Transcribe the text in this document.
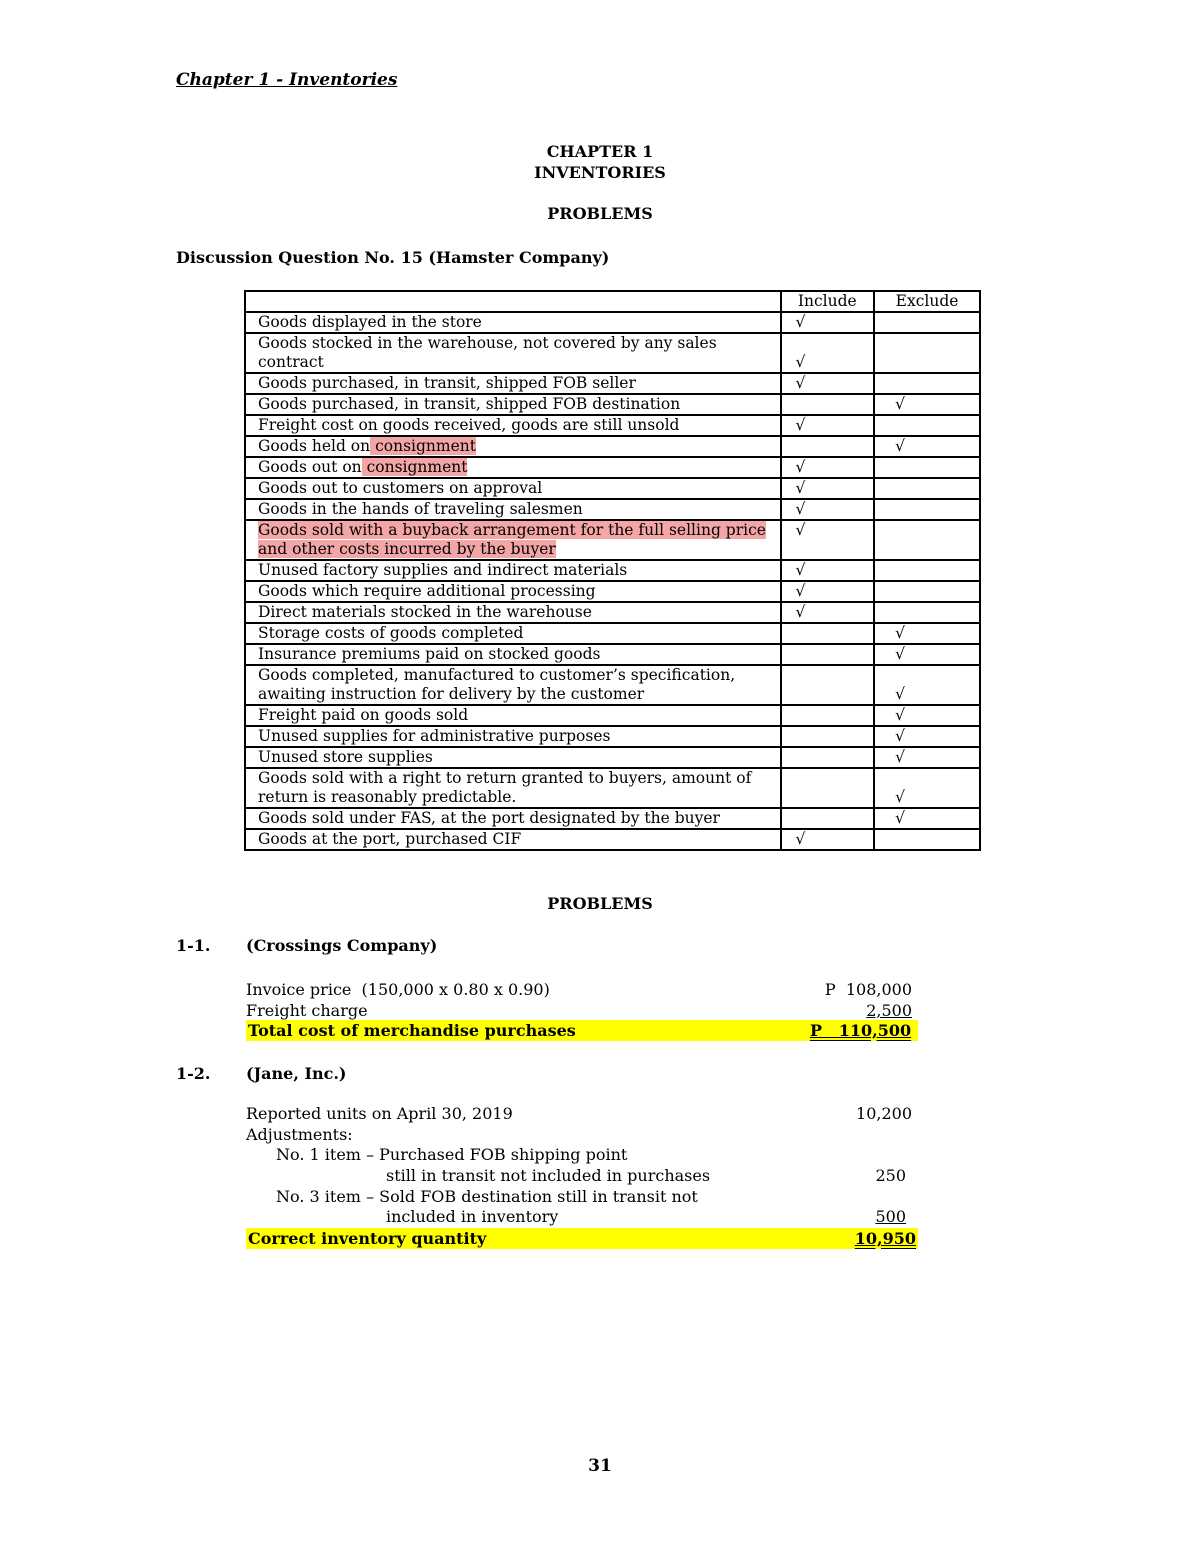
Chapter 1 - Inventories
CHAPTER 1
INVENTORIES
PROBLEMS
Discussion Question No. 15 (Hamster Company)
	Include	Exclude
Goods displayed in the store	√	
Goods stocked in the warehouse, not covered by any sales contract	√	
Goods purchased, in transit, shipped FOB seller	√	
Goods purchased, in transit, shipped FOB destination		√
Freight cost on goods received, goods are still unsold	√	
Goods held on consignment		√
Goods out on consignment	√	
Goods out to customers on approval	√	
Goods in the hands of traveling salesmen	√	
Goods sold with a buyback arrangement for the full selling price and other costs incurred by the buyer	√	
Unused factory supplies and indirect materials	√	
Goods which require additional processing	√	
Direct materials stocked in the warehouse	√	
Storage costs of goods completed		√
Insurance premiums paid on stocked goods		√
Goods completed, manufactured to customer’s specification, awaiting instruction for delivery by the customer		√
Freight paid on goods sold		√
Unused supplies for administrative purposes		√
Unused store supplies		√
Goods sold with a right to return granted to buyers, amount of return is reasonably predictable.		√
Goods sold under FAS, at the port designated by the buyer		√
Goods at the port, purchased CIF	√	
PROBLEMS
1-1. (Crossings Company)
Invoice price  (150,000 x 0.80 x 0.90)	P  108,000
Freight charge	2,500
Total cost of merchandise purchases	P   110,500
1-2. (Jane, Inc.)
Reported units on April 30, 2019	10,200
Adjustments:
No. 1 item – Purchased FOB shipping point
still in transit not included in purchases	250
No. 3 item – Sold FOB destination still in transit not
included in inventory	500
Correct inventory quantity	10,950
31
